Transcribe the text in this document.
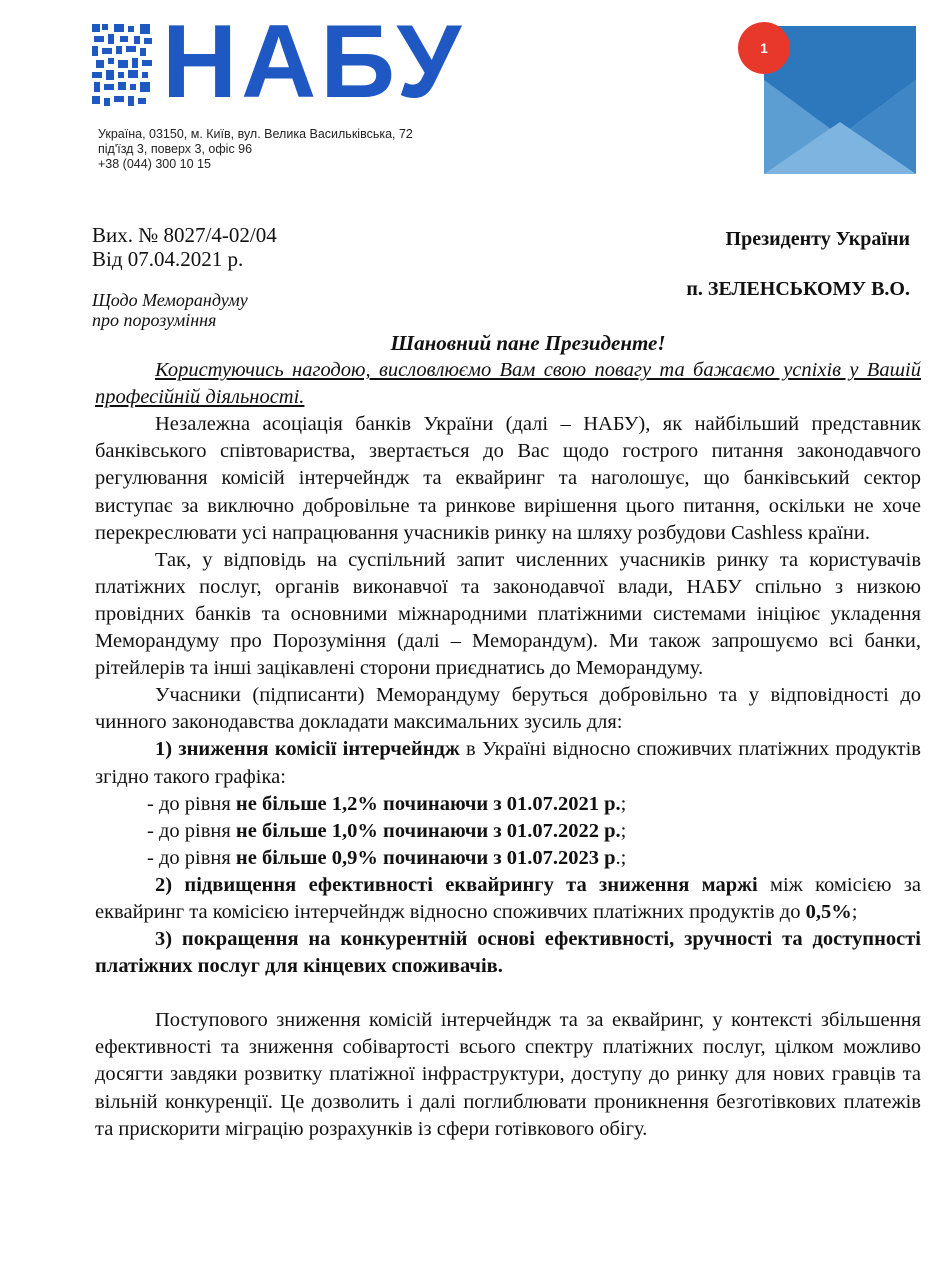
НАБУ
Україна, 03150, м. Київ, вул. Велика Васильківська, 72
під'їзд 3, поверх 3, офіс 96
+38 (044) 300 10 15
1
Вих. № 8027/4-02/04
Від 07.04.2021 р.
Президенту України
п. ЗЕЛЕНСЬКОМУ В.О.
Щодо Меморандуму
про порозуміння
Шановний пане Президенте!
Користуючись нагодою, висловлюємо Вам свою повагу та бажаємо успіхів у Вашій професійній діяльності.
Незалежна асоціація банків України (далі – НАБУ), як найбільший представник банківського співтовариства, звертається до Вас щодо гострого питання законодавчого регулювання комісій інтерчейндж та еквайринг та наголошує, що банківський сектор виступає за виключно добровільне та ринкове вирішення цього питання, оскільки не хоче перекреслювати усі напрацювання учасників ринку на шляху розбудови Cashless країни.
Так, у відповідь на суспільний запит численних учасників ринку та користувачів платіжних послуг, органів виконавчої та законодавчої влади, НАБУ спільно з низкою провідних банків та основними міжнародними платіжними системами ініціює укладення Меморандуму про Порозуміння (далі – Меморандум). Ми також запрошуємо всі банки, рітейлерів та інші зацікавлені сторони приєднатись до Меморандуму.
Учасники (підписанти) Меморандуму беруться добровільно та у відповідності до чинного законодавства докладати максимальних зусиль для:
1) зниження комісії інтерчейндж в Україні відносно споживчих платіжних продуктів згідно такого графіка:
- до рівня не більше 1,2% починаючи з 01.07.2021 р.;
- до рівня не більше 1,0% починаючи з 01.07.2022 р.;
- до рівня не більше 0,9% починаючи з 01.07.2023 р.;
2) підвищення ефективності еквайрингу та зниження маржі між комісією за еквайринг та комісією інтерчейндж відносно споживчих платіжних продуктів до 0,5%;
3) покращення на конкурентній основі ефективності, зручності та доступності платіжних послуг для кінцевих споживачів.
Поступового зниження комісій інтерчейндж та за еквайринг, у контексті збільшення ефективності та зниження собівартості всього спектру платіжних послуг, цілком можливо досягти завдяки розвитку платіжної інфраструктури, доступу до ринку для нових гравців та вільній конкуренції. Це дозволить і далі поглиблювати проникнення безготівкових платежів та прискорити міграцію розрахунків із сфери готівкового обігу.
